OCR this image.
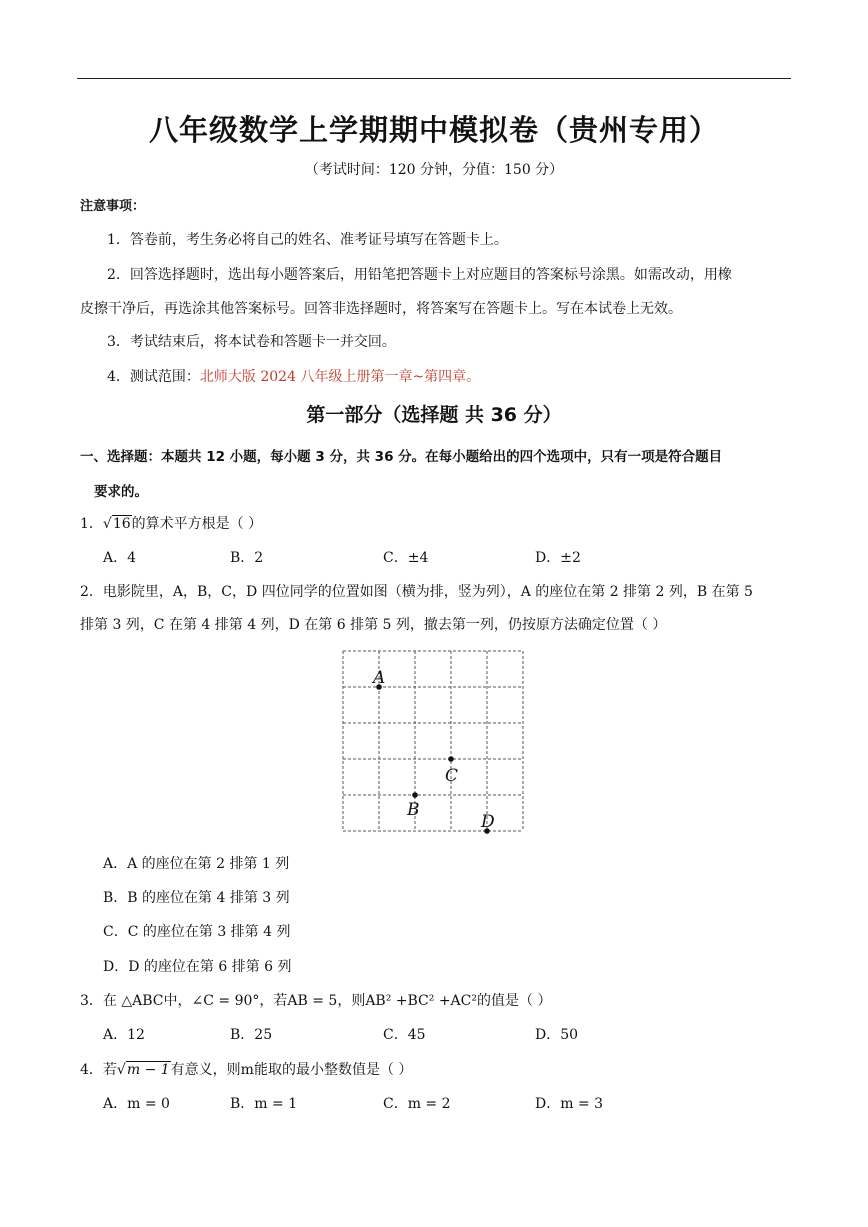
八年级数学上学期期中模拟卷（贵州专用）
（考试时间：120 分钟，分值：150 分）
注意事项：
1．答卷前，考生务必将自己的姓名、准考证号填写在答题卡上。
2．回答选择题时，选出每小题答案后，用铅笔把答题卡上对应题目的答案标号涂黑。如需改动，用橡
皮擦干净后，再选涂其他答案标号。回答非选择题时，将答案写在答题卡上。写在本试卷上无效。
3．考试结束后，将本试卷和答题卡一并交回。
4．测试范围：北师大版 2024 八年级上册第一章~第四章。
第一部分（选择题 共 36 分）
一、选择题：本题共 12 小题，每小题 3 分，共 36 分。在每小题给出的四个选项中，只有一项是符合题目
要求的。
1．√16的算术平方根是（ ）
A．4	B．2	C．±4	D．±2
2．电影院里，A，B，C，D 四位同学的位置如图（横为排，竖为列），A 的座位在第 2 排第 2 列，B 在第 5
排第 3 列，C 在第 4 排第 4 列，D 在第 6 排第 5 列，撤去第一列，仍按原方法确定位置（ ）
A
C
B
D
A．A 的座位在第 2 排第 1 列
B．B 的座位在第 4 排第 3 列
C．C 的座位在第 3 排第 4 列
D．D 的座位在第 6 排第 6 列
3．在 △ABC中，∠C = 90°，若AB = 5，则AB² +BC² +AC²的值是（ ）
A．12	B．25	C．45	D．50
4．若√m − 1有意义，则m能取的最小整数值是（ ）
A．m = 0	B．m = 1	C．m = 2	D．m = 3
